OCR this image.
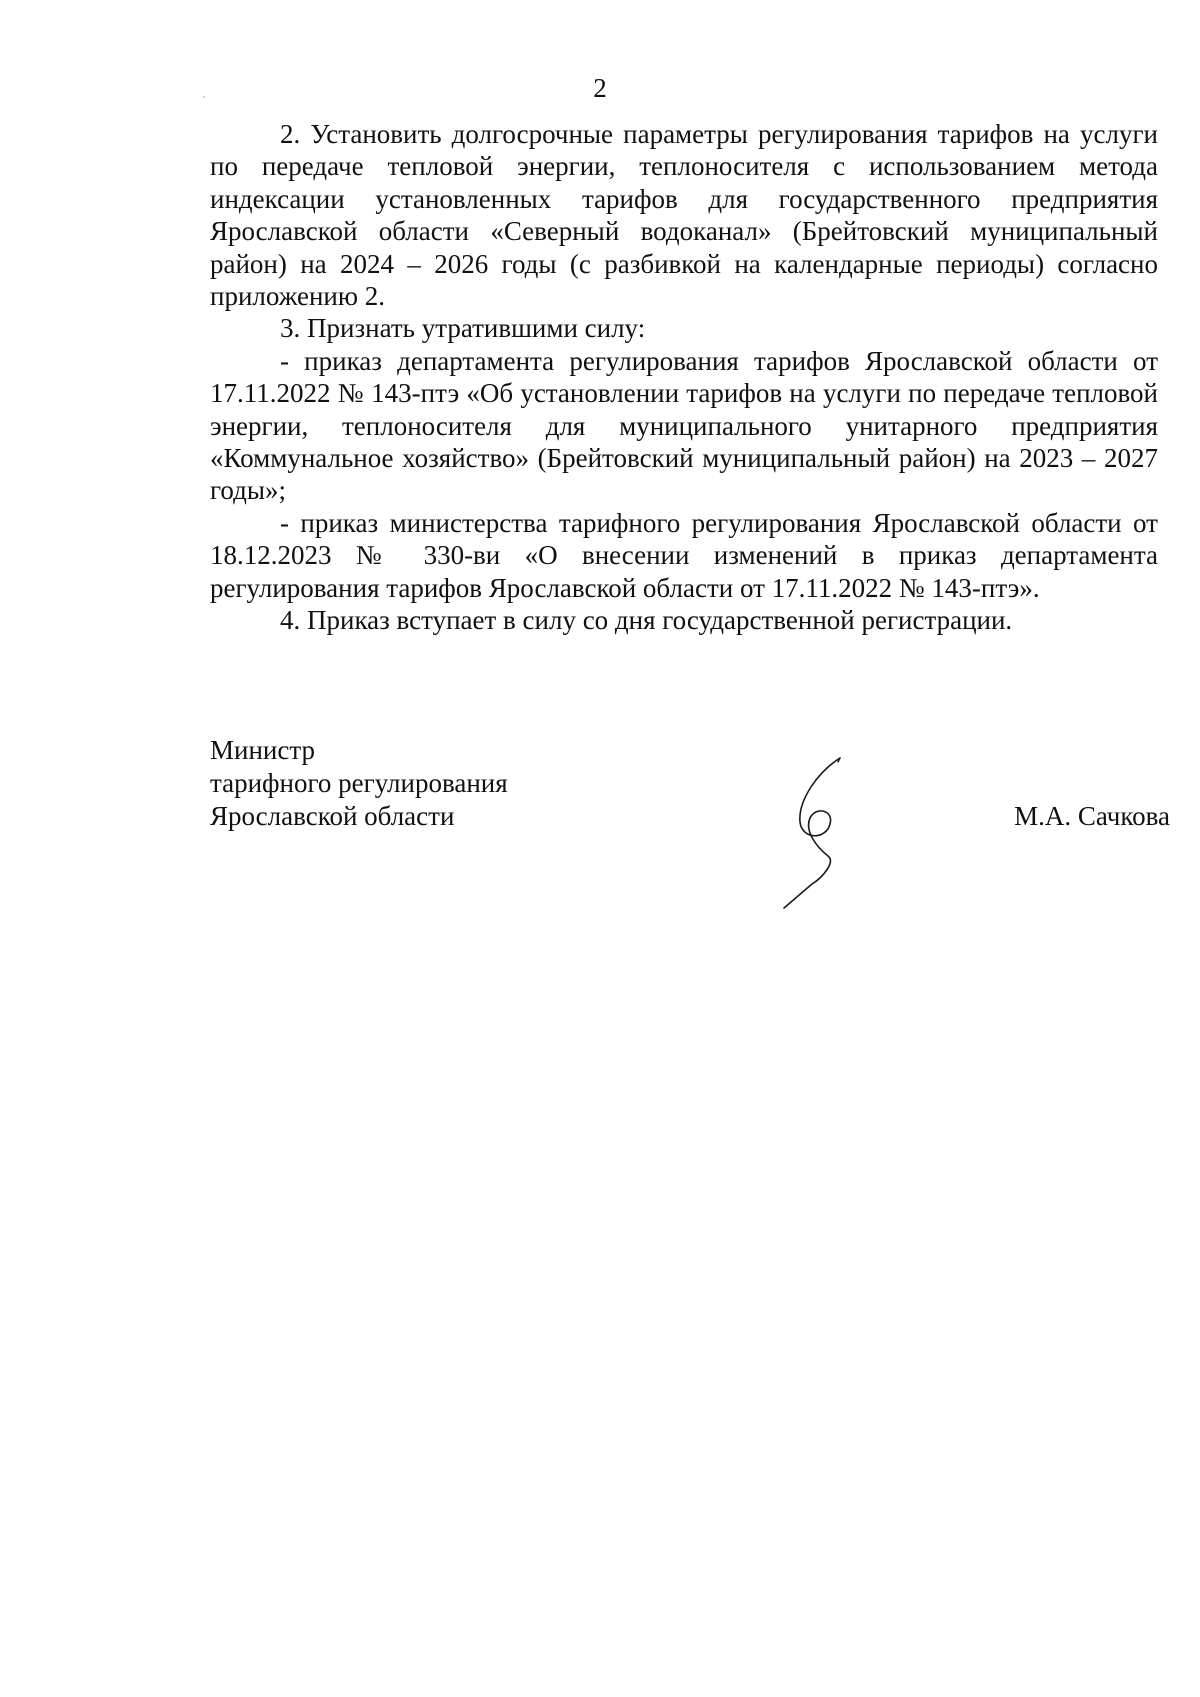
2

2. Установить долгосрочные параметры регулирования тарифов на услуги по передаче тепловой энергии, теплоносителя с использованием метода индексации установленных тарифов для государственного предприятия Ярославской области «Северный водоканал» (Брейтовский муниципальный район) на 2024 – 2026 годы (с разбивкой на календарные периоды) согласно приложению 2.

3. Признать утратившими силу:

- приказ департамента регулирования тарифов Ярославской области от 17.11.2022 № 143-птэ «Об установлении тарифов на услуги по передаче тепловой энергии, теплоносителя для муниципального унитарного предприятия «Коммунальное хозяйство» (Брейтовский муниципальный район) на 2023 – 2027 годы»;

- приказ министерства тарифного регулирования Ярославской области от 18.12.2023 № 330-ви «О внесении изменений в приказ департамента регулирования тарифов Ярославской области от 17.11.2022 № 143-птэ».

4. Приказ вступает в силу со дня государственной регистрации.

Министр
тарифного регулирования
Ярославской области	М.А. Сачкова
